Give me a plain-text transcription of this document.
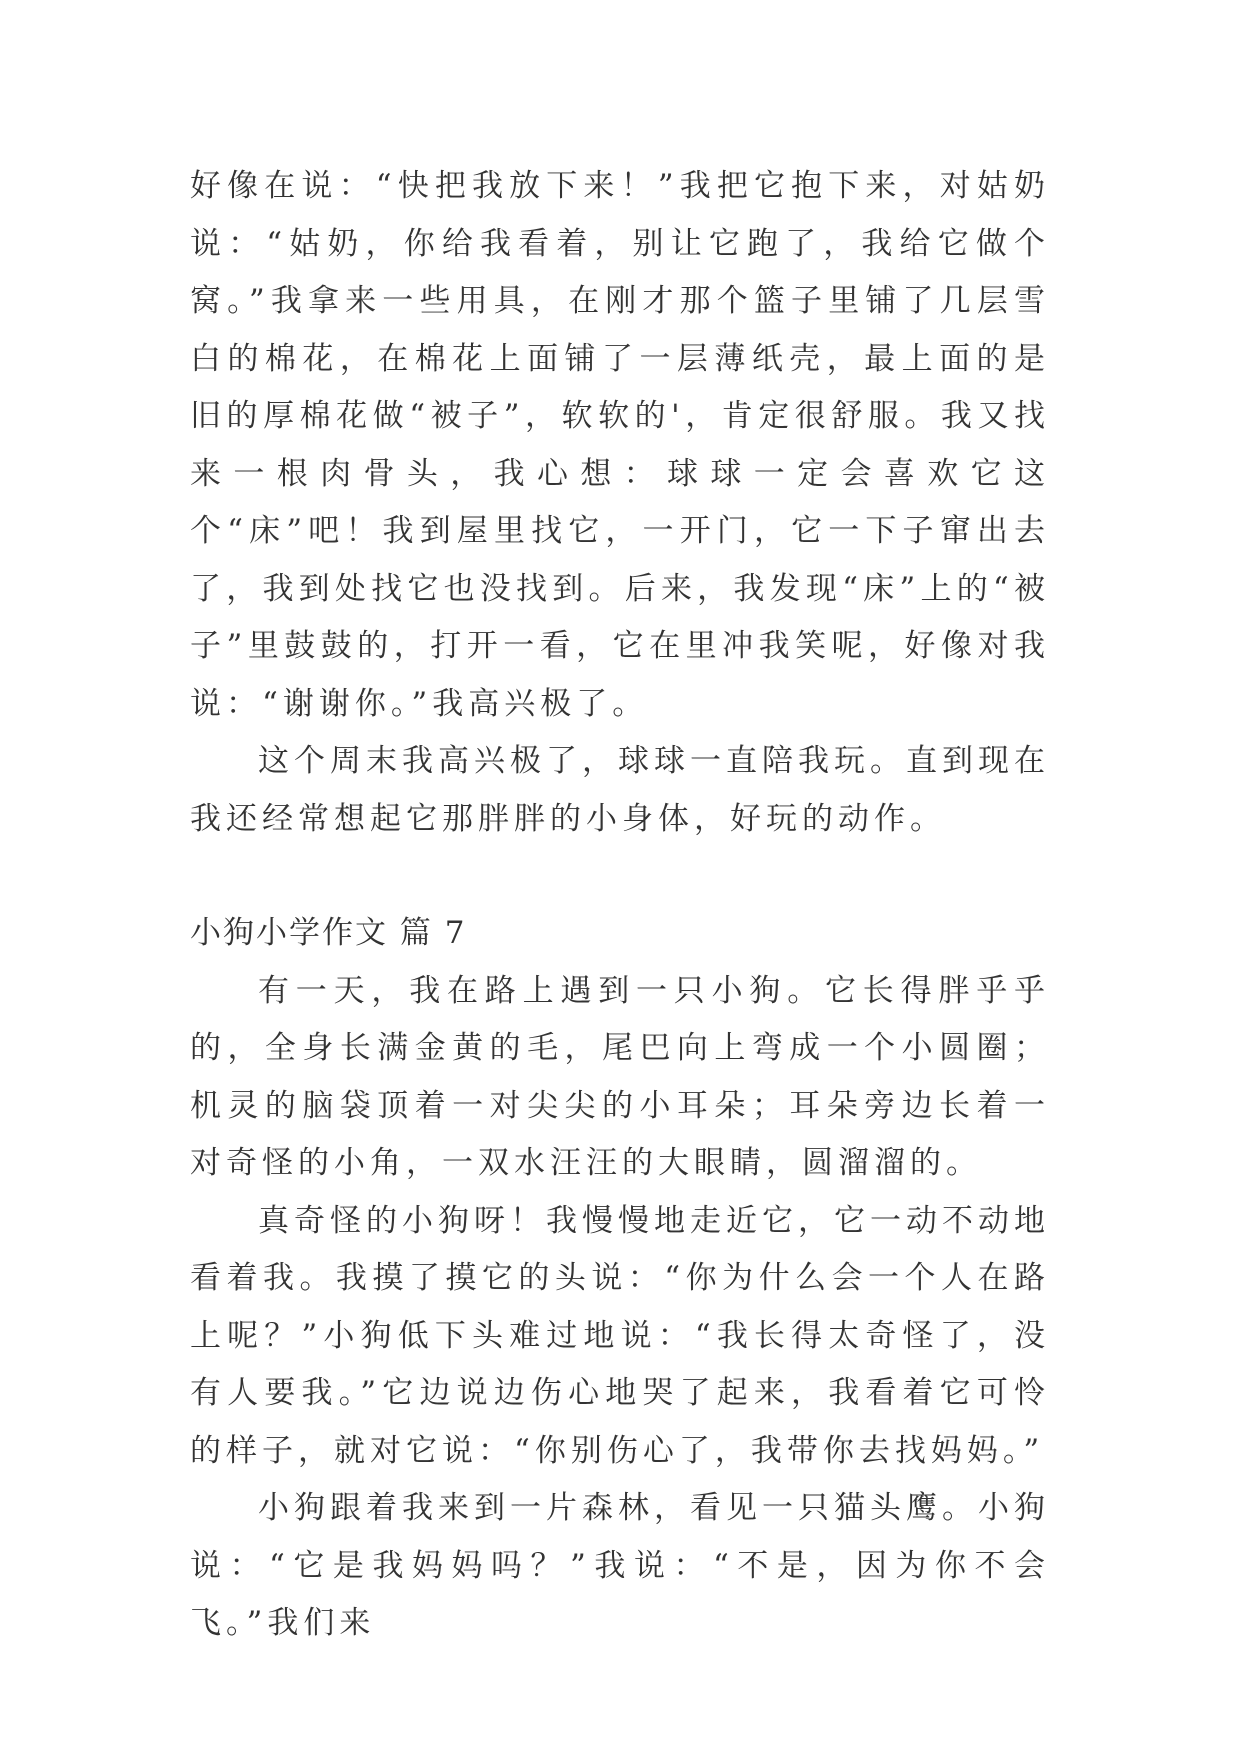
好像在说：“快把我放下来！”我把它抱下来，对姑奶说：“姑奶，你给我看着，别让它跑了，我给它做个窝。”我拿来一些用具，在刚才那个篮子里铺了几层雪白的棉花，在棉花上面铺了一层薄纸壳，最上面的是旧的厚棉花做“被子”，软软的'，肯定很舒服。我又找来一根肉骨头，我心想：球球一定会喜欢它这个“床”吧！我到屋里找它，一开门，它一下子窜出去了，我到处找它也没找到。后来，我发现“床”上的“被子”里鼓鼓的，打开一看，它在里冲我笑呢，好像对我说：“谢谢你。”我高兴极了。

这个周末我高兴极了，球球一直陪我玩。直到现在我还经常想起它那胖胖的小身体，好玩的动作。

小狗小学作文 篇 7

有一天，我在路上遇到一只小狗。它长得胖乎乎的，全身长满金黄的毛，尾巴向上弯成一个小圆圈；机灵的脑袋顶着一对尖尖的小耳朵；耳朵旁边长着一对奇怪的小角，一双水汪汪的大眼睛，圆溜溜的。

真奇怪的小狗呀！我慢慢地走近它，它一动不动地看着我。我摸了摸它的头说：“你为什么会一个人在路上呢？”小狗低下头难过地说：“我长得太奇怪了，没有人要我。”它边说边伤心地哭了起来，我看着它可怜的样子，就对它说：“你别伤心了，我带你去找妈妈。”

小狗跟着我来到一片森林，看见一只猫头鹰。小狗说：“它是我妈妈吗？”我说：“不是，因为你不会飞。”我们来
